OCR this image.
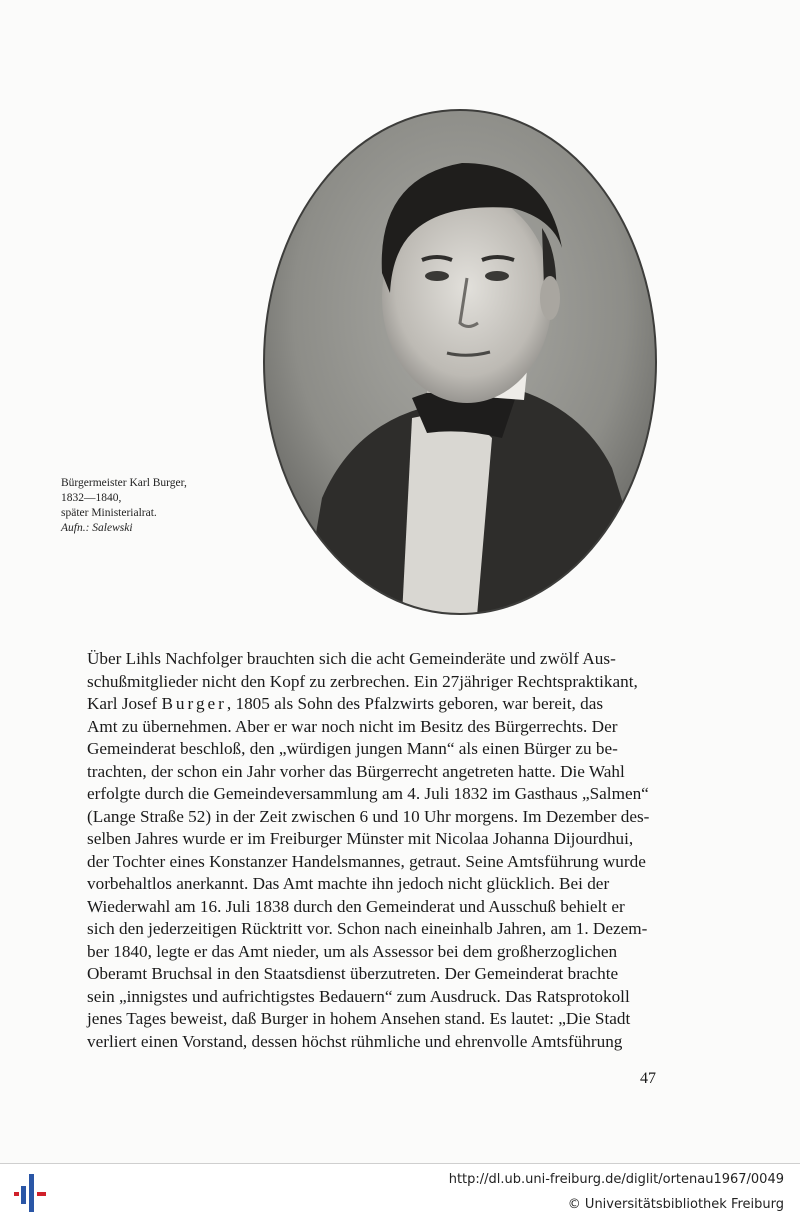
Bürgermeister Karl Burger,
1832—1840,
später Ministerialrat.
Aufn.: Salewski

Über Lihls Nachfolger brauchten sich die acht Gemeinderäte und zwölf Aus-

schußmitglieder nicht den Kopf zu zerbrechen. Ein 27jähriger Rechtspraktikant,

Karl Josef Burger, 1805 als Sohn des Pfalzwirts geboren, war bereit, das

Amt zu übernehmen. Aber er war noch nicht im Besitz des Bürgerrechts. Der

Gemeinderat beschloß, den „würdigen jungen Mann“ als einen Bürger zu be-

trachten, der schon ein Jahr vorher das Bürgerrecht angetreten hatte. Die Wahl

erfolgte durch die Gemeindeversammlung am 4. Juli 1832 im Gasthaus „Salmen“

(Lange Straße 52) in der Zeit zwischen 6 und 10 Uhr morgens. Im Dezember des-

selben Jahres wurde er im Freiburger Münster mit Nicolaa Johanna Dijourdhui,

der Tochter eines Konstanzer Handelsmannes, getraut. Seine Amtsführung wurde

vorbehaltlos anerkannt. Das Amt machte ihn jedoch nicht glücklich. Bei der

Wiederwahl am 16. Juli 1838 durch den Gemeinderat und Ausschuß behielt er

sich den jederzeitigen Rücktritt vor. Schon nach eineinhalb Jahren, am 1. Dezem-

ber 1840, legte er das Amt nieder, um als Assessor bei dem großherzoglichen

Oberamt Bruchsal in den Staatsdienst überzutreten. Der Gemeinderat brachte

sein „innigstes und aufrichtigstes Bedauern“ zum Ausdruck. Das Ratsprotokoll

jenes Tages beweist, daß Burger in hohem Ansehen stand. Es lautet: „Die Stadt

verliert einen Vorstand, dessen höchst rühmliche und ehrenvolle Amtsführung

47
http://dl.ub.uni-freiburg.de/diglit/ortenau1967/0049
© Universitätsbibliothek Freiburg
